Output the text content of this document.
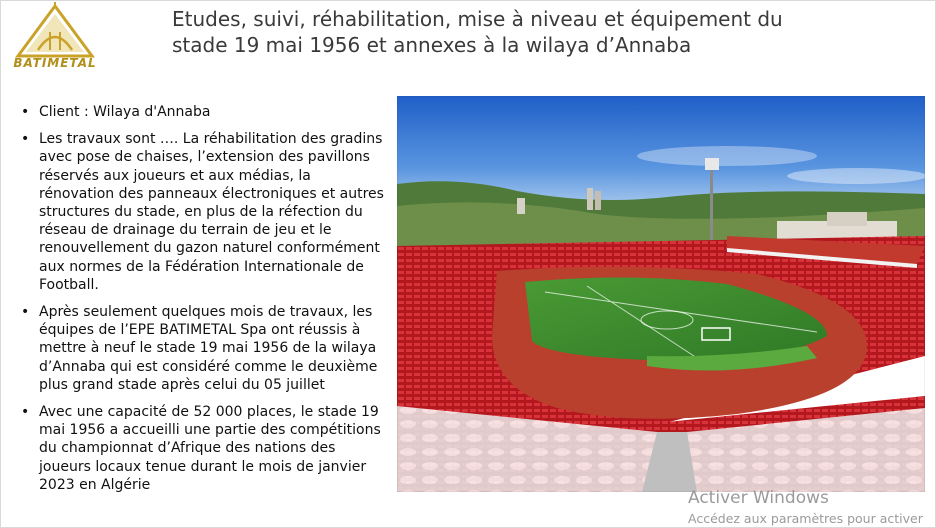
BATIMETAL
Etudes, suivi, réhabilitation, mise à niveau et équipement du
stade 19 mai 1956 et annexes à la wilaya d’Annaba
• Client : Wilaya d'Annaba
• Les travaux sont …. La réhabilitation des gradins avec pose de chaises, l’extension des pavillons réservés aux joueurs et aux médias, la rénovation des panneaux électroniques et autres structures du stade, en plus de la réfection du réseau de drainage du terrain de jeu et le renouvellement du gazon naturel conformément aux normes de la Fédération Internationale de Football.
• Après seulement quelques mois de travaux, les équipes de l’EPE BATIMETAL Spa ont réussis à mettre à neuf le stade 19 mai 1956 de la wilaya d’Annaba qui est considéré comme le deuxième plus grand stade après celui du 05 juillet
• Avec une capacité de 52 000 places, le stade 19 mai 1956 a accueilli une partie des compétitions du championnat d’Afrique des nations des joueurs locaux tenue durant le mois de janvier 2023 en Algérie
Activer Windows
Accédez aux paramètres pour activer
